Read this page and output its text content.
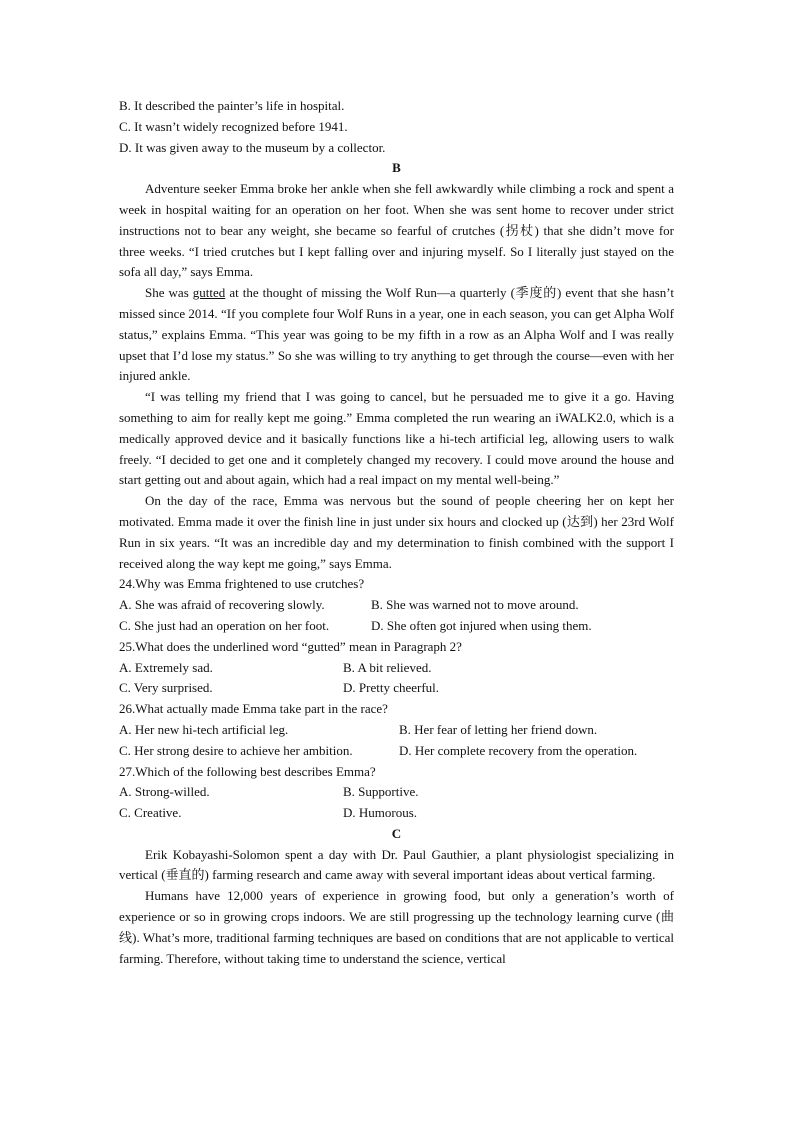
B. It described the painter’s life in hospital.
C. It wasn’t widely recognized before 1941.
D. It was given away to the museum by a collector.
B

Adventure seeker Emma broke her ankle when she fell awkwardly while climbing a rock and spent a week in hospital waiting for an operation on her foot. When she was sent home to recover under strict instructions not to bear any weight, she became so fearful of crutches (拐杖) that she didn’t move for three weeks. “I tried crutches but I kept falling over and injuring myself. So I literally just stayed on the sofa all day,” says Emma.

She was gutted at the thought of missing the Wolf Run—a quarterly (季度的) event that she hasn’t missed since 2014. “If you complete four Wolf Runs in a year, one in each season, you can get Alpha Wolf status,” explains Emma. “This year was going to be my fifth in a row as an Alpha Wolf and I was really upset that I’d lose my status.” So she was willing to try anything to get through the course—even with her injured ankle.

“I was telling my friend that I was going to cancel, but he persuaded me to give it a go. Having something to aim for really kept me going.” Emma completed the run wearing an iWALK2.0, which is a medically approved device and it basically functions like a hi-tech artificial leg, allowing users to walk freely. “I decided to get one and it completely changed my recovery. I could move around the house and start getting out and about again, which had a real impact on my mental well-being.”

On the day of the race, Emma was nervous but the sound of people cheering her on kept her motivated. Emma made it over the finish line in just under six hours and clocked up (达到) her 23rd Wolf Run in six years. “It was an incredible day and my determination to finish combined with the support I received along the way kept me going,” says Emma.

24.Why was Emma frightened to use crutches?
A. She was afraid of recovering slowly.	B. She was warned not to move around.
C. She just had an operation on her foot.	D. She often got injured when using them.
25.What does the underlined word “gutted” mean in Paragraph 2?
A. Extremely sad.	B. A bit relieved.
C. Very surprised.	D. Pretty cheerful.
26.What actually made Emma take part in the race?
A. Her new hi-tech artificial leg.	B. Her fear of letting her friend down.
C. Her strong desire to achieve her ambition.	D. Her complete recovery from the operation.
27.Which of the following best describes Emma?
A. Strong-willed.	B. Supportive.
C. Creative.	D. Humorous.
C

Erik Kobayashi-Solomon spent a day with Dr. Paul Gauthier, a plant physiologist specializing in vertical (垂直的) farming research and came away with several important ideas about vertical farming.

Humans have 12,000 years of experience in growing food, but only a generation’s worth of experience or so in growing crops indoors. We are still progressing up the technology learning curve (曲线). What’s more, traditional farming techniques are based on conditions that are not applicable to vertical farming. Therefore, without taking time to understand the science, vertical
